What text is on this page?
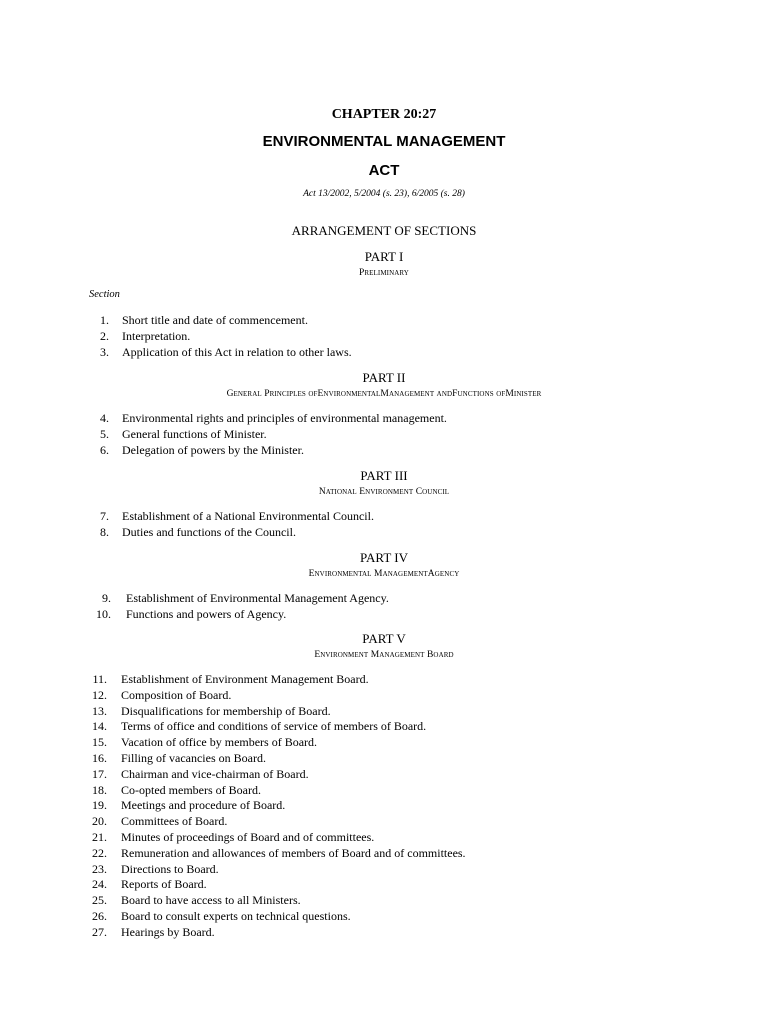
CHAPTER 20:27
ENVIRONMENTAL MANAGEMENT
ACT
Act 13/2002, 5/2004 (s. 23), 6/2005 (s. 28)
ARRANGEMENT OF SECTIONS
PART I
Preliminary
Section
PART II
General Principles ofEnvironmentalManagement andFunctions ofMinister
PART III
National Environment Council
PART IV
Environmental ManagementAgency
PART V
Environment Management Board
1. Short title and date of commencement.
2. Interpretation.
3. Application of this Act in relation to other laws.
4. Environmental rights and principles of environmental management.
5. General functions of Minister.
6. Delegation of powers by the Minister.
7. Establishment of a National Environmental Council.
8. Duties and functions of the Council.
9. Establishment of Environmental Management Agency.
10. Functions and powers of Agency.
11. Establishment of Environment Management Board.
12. Composition of Board.
13. Disqualifications for membership of Board.
14. Terms of office and conditions of service of members of Board.
15. Vacation of office by members of Board.
16. Filling of vacancies on Board.
17. Chairman and vice-chairman of Board.
18. Co-opted members of Board.
19. Meetings and procedure of Board.
20. Committees of Board.
21. Minutes of proceedings of Board and of committees.
22. Remuneration and allowances of members of Board and of committees.
23. Directions to Board.
24. Reports of Board.
25. Board to have access to all Ministers.
26. Board to consult experts on technical questions.
27. Hearings by Board.
